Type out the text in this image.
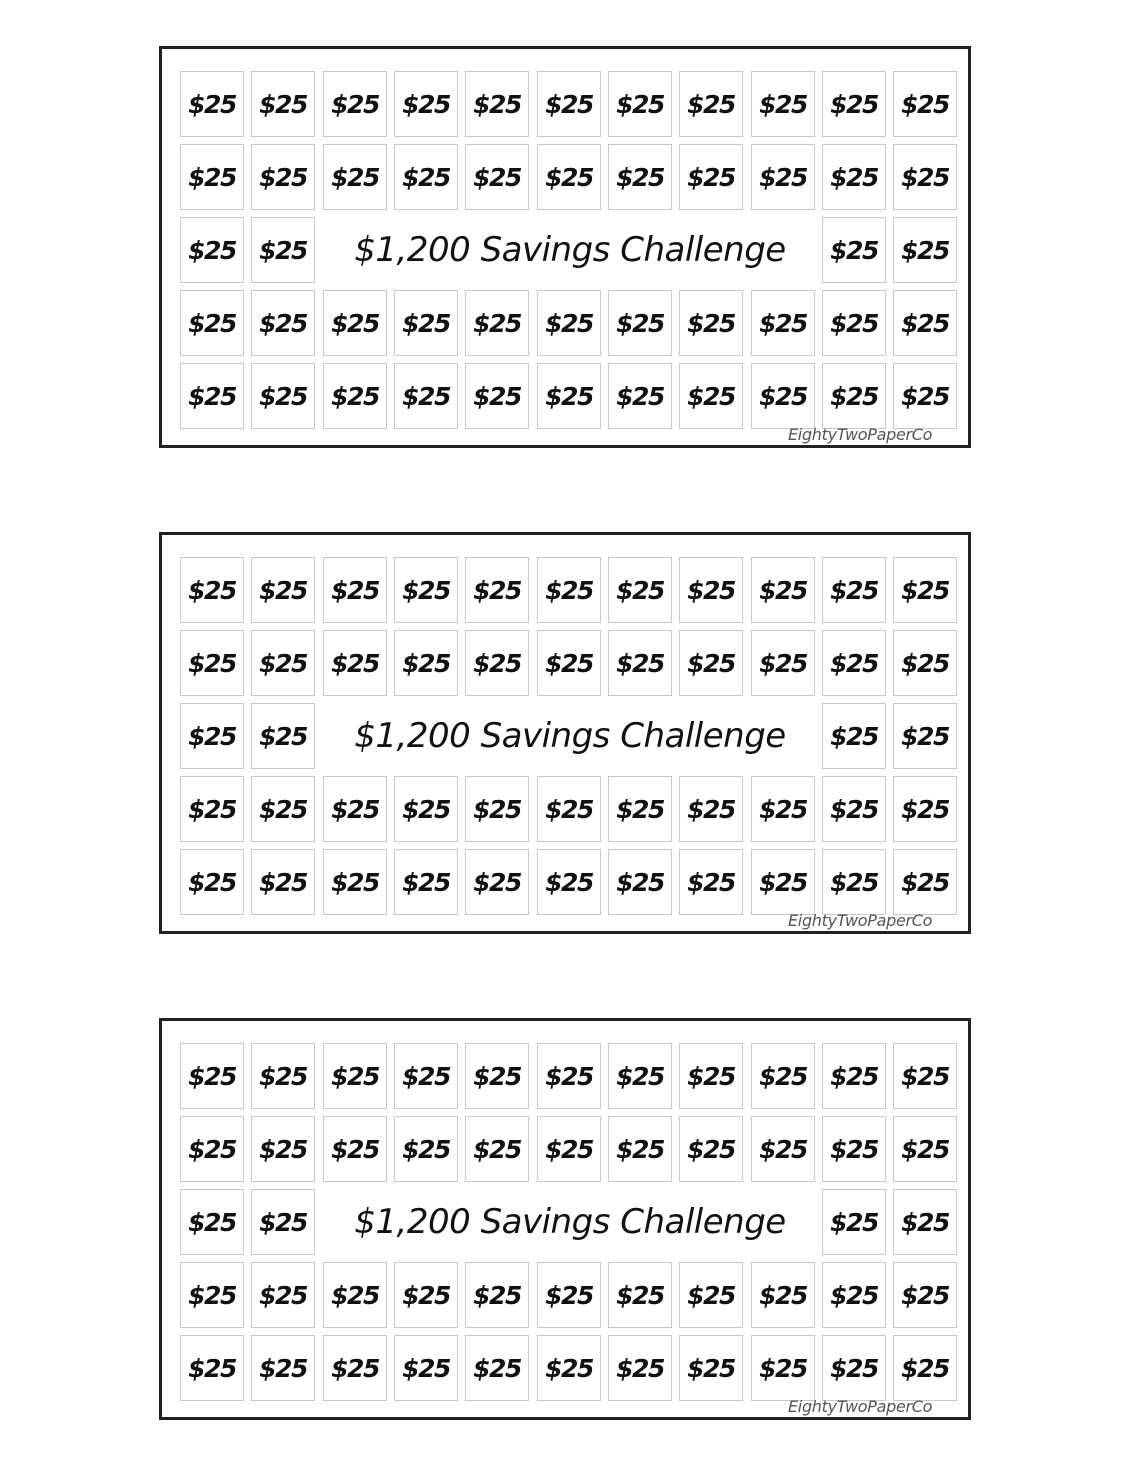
$25 $25 $25 $25 $25 $25 $25 $25 $25 $25 $25
$25 $25 $25 $25 $25 $25 $25 $25 $25 $25 $25
$25 $25	$25 $25
$25 $25 $25 $25 $25 $25 $25 $25 $25 $25 $25
$25 $25 $25 $25 $25 $25 $25 $25 $25 $25 $25
$1,200 Savings Challenge
EightyTwoPaperCo
$25 $25 $25 $25 $25 $25 $25 $25 $25 $25 $25
$25 $25 $25 $25 $25 $25 $25 $25 $25 $25 $25
$25 $25	$25 $25
$25 $25 $25 $25 $25 $25 $25 $25 $25 $25 $25
$25 $25 $25 $25 $25 $25 $25 $25 $25 $25 $25
$1,200 Savings Challenge
EightyTwoPaperCo
$25 $25 $25 $25 $25 $25 $25 $25 $25 $25 $25
$25 $25 $25 $25 $25 $25 $25 $25 $25 $25 $25
$25 $25	$25 $25
$25 $25 $25 $25 $25 $25 $25 $25 $25 $25 $25
$25 $25 $25 $25 $25 $25 $25 $25 $25 $25 $25
$1,200 Savings Challenge
EightyTwoPaperCo
